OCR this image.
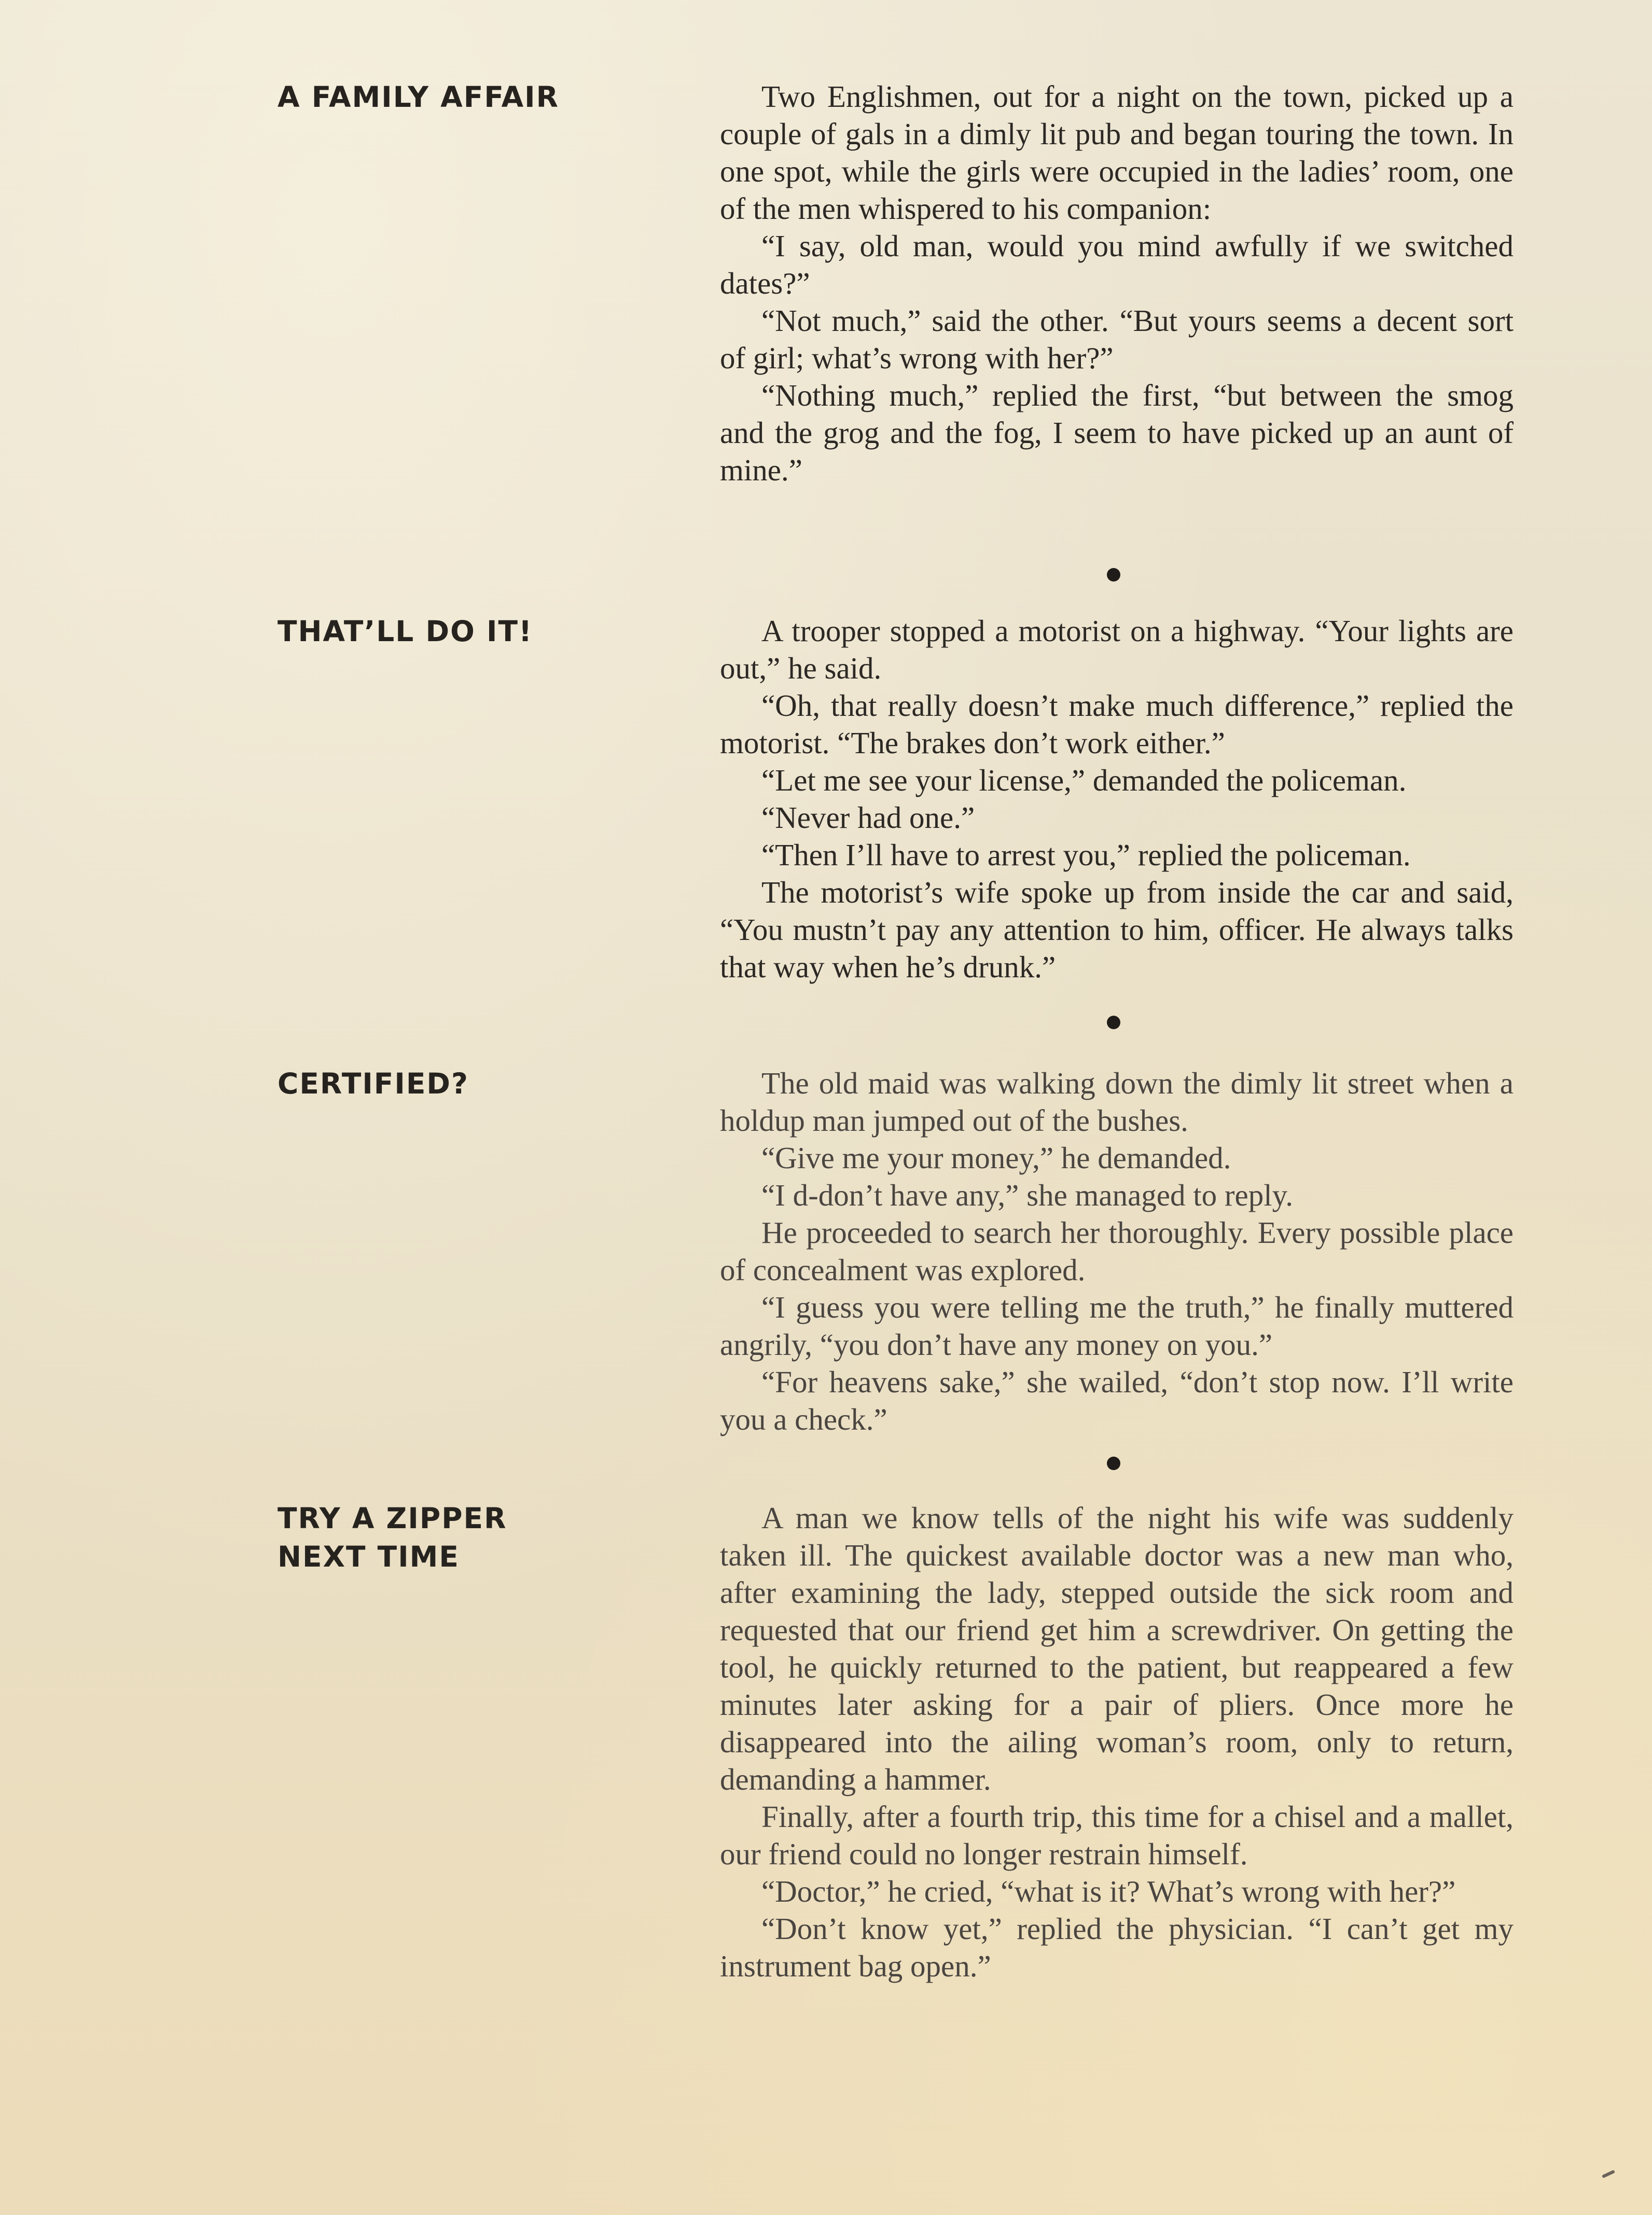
A FAMILY AFFAIR	Two Englishmen, out for a night on the town, picked up a couple of gals in a dimly lit pub and began touring the town. In one spot, while the girls were occupied in the ladies’ room, one of the men whispered to his companion:

“I say, old man, would you mind awfully if we switched dates?”

“Not much,” said the other. “But yours seems a decent sort of girl; what’s wrong with her?”

“Nothing much,” replied the first, “but between the smog and the grog and the fog, I seem to have picked up an aunt of mine.”

THAT’LL DO IT!	A trooper stopped a motorist on a highway. “Your lights are out,” he said.

“Oh, that really doesn’t make much difference,” replied the motorist. “The brakes don’t work either.”

“Let me see your license,” demanded the policeman.

“Never had one.”

“Then I’ll have to arrest you,” replied the policeman.

The motorist’s wife spoke up from inside the car and said, “You mustn’t pay any attention to him, officer. He always talks that way when he’s drunk.”

CERTIFIED?	The old maid was walking down the dimly lit street when a holdup man jumped out of the bushes.

“Give me your money,” he demanded.

“I d-don’t have any,” she managed to reply.

He proceeded to search her thoroughly. Every possible place of concealment was explored.

“I guess you were telling me the truth,” he finally muttered angrily, “you don’t have any money on you.”

“For heavens sake,” she wailed, “don’t stop now. I’ll write you a check.”

TRY A ZIPPER
NEXT TIME

A man we know tells of the night his wife was suddenly taken ill. The quickest available doctor was a new man who, after examining the lady, stepped outside the sick room and requested that our friend get him a screwdriver. On getting the tool, he quickly returned to the patient, but reappeared a few minutes later asking for a pair of pliers. Once more he disappeared into the ailing woman’s room, only to return, demanding a hammer.

Finally, after a fourth trip, this time for a chisel and a mallet, our friend could no longer restrain himself.

“Doctor,” he cried, “what is it? What’s wrong with her?”

“Don’t know yet,” replied the physician. “I can’t get my instrument bag open.”
